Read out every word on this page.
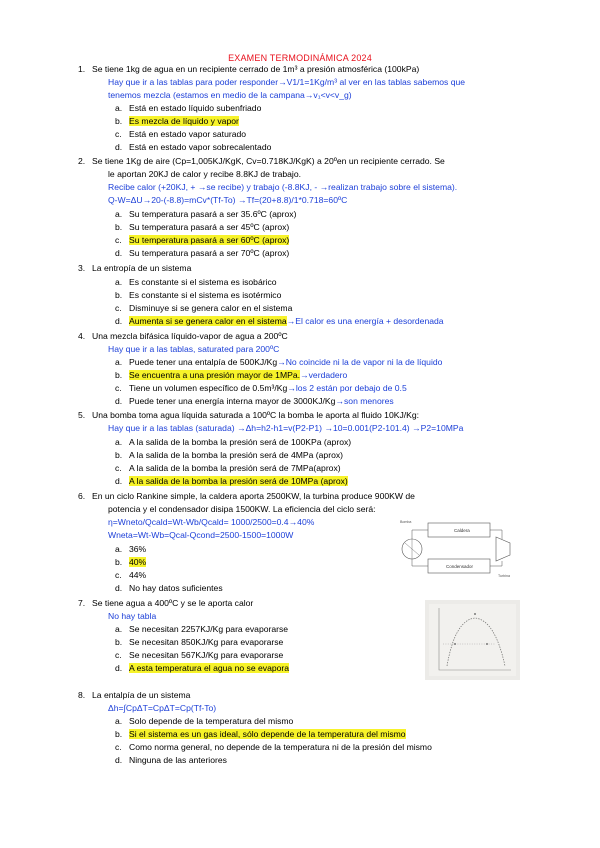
EXAMEN TERMODINÁMICA 2024
1. Se tiene 1kg de agua en un recipiente cerrado de 1m³ a presión atmosférica (100kPa)
Hay que ir a las tablas para poder responder→V1/1=1Kg/m³ al ver en las tablas sabemos que
tenemos mezcla (estamos en medio de la campana→v₁<v<v_g)
a. Está en estado líquido subenfriado
b. Es mezcla de líquido y vapor
c. Está en estado vapor saturado
d. Está en estado vapor sobrecalentado
2. Se tiene 1Kg de aire (Cp=1,005KJ/KgK, Cv=0.718KJ/KgK) a 20ºen un recipiente cerrado. Se
le aportan 20KJ de calor y recibe 8.8KJ de trabajo.
Recibe calor (+20KJ, + →se recibe) y trabajo (-8.8KJ, - →realizan trabajo sobre el sistema).
Q-W=ΔU→20-(-8.8)=mCv*(Tf-To) →Tf=(20+8.8)/1*0.718=60ºC
a. Su temperatura pasará a ser 35.6ºC (aprox)
b. Su temperatura pasará a ser 45ºC (aprox)
c. Su temperatura pasará a ser 60ºC (aprox)
d. Su temperatura pasará a ser 70ºC (aprox)
3. La entropía de un sistema
a. Es constante si el sistema es isobárico
b. Es constante si el sistema es isotérmico
c. Disminuye si se genera calor en el sistema
d. Aumenta si se genera calor en el sistema→El calor es una energía + desordenada
4. Una mezcla bifásica líquido-vapor de agua a 200ºC
Hay que ir a las tablas, saturated para 200ºC
a. Puede tener una entalpía de 500KJ/Kg→No coincide ni la de vapor ni la de líquido
b. Se encuentra a una presión mayor de 1MPa.→verdadero
c. Tiene un volumen específico de 0.5m³/Kg→los 2 están por debajo de 0.5
d. Puede tener una energía interna mayor de 3000KJ/Kg→son menores
5. Una bomba toma agua líquida saturada a 100ºC la bomba le aporta al fluido 10KJ/Kg:
Hay que ir a las tablas (saturada) →Δh=h2-h1=v(P2-P1) →10=0.001(P2-101.4) →P2=10MPa
a. A la salida de la bomba la presión será de 100KPa (aprox)
b. A la salida de la bomba la presión será de 4MPa (aprox)
c. A la salida de la bomba la presión será de 7MPa(aprox)
d. A la salida de la bomba la presión será de 10MPa (aprox)
6. En un ciclo Rankine simple, la caldera aporta 2500KW, la turbina produce 900KW de
potencia y el condensador disipa 1500KW. La eficiencia del ciclo será:
η=Wneto/Qcald=Wt-Wb/Qcald= 1000/2500=0.4→40%
Wneta=Wt-Wb=Qcal-Qcond=2500-1500=1000W
a. 36%
b. 40%
c. 44%
d. No hay datos suficientes
Caldera
Condensador
Bomba
Turbina
7. Se tiene agua a 400ºC y se le aporta calor
No hay tabla
a. Se necesitan 2257KJ/Kg para evaporarse
b. Se necesitan 850KJ/Kg para evaporarse
c. Se necesitan 567KJ/Kg para evaporarse
d. A esta temperatura el agua no se evapora
8. La entalpía de un sistema
Δh=∫CpΔT=CpΔT=Cp(Tf-To)
a. Solo depende de la temperatura del mismo
b. Si el sistema es un gas ideal, sólo depende de la temperatura del mismo
c. Como norma general, no depende de la temperatura ni de la presión del mismo
d. Ninguna de las anteriores
